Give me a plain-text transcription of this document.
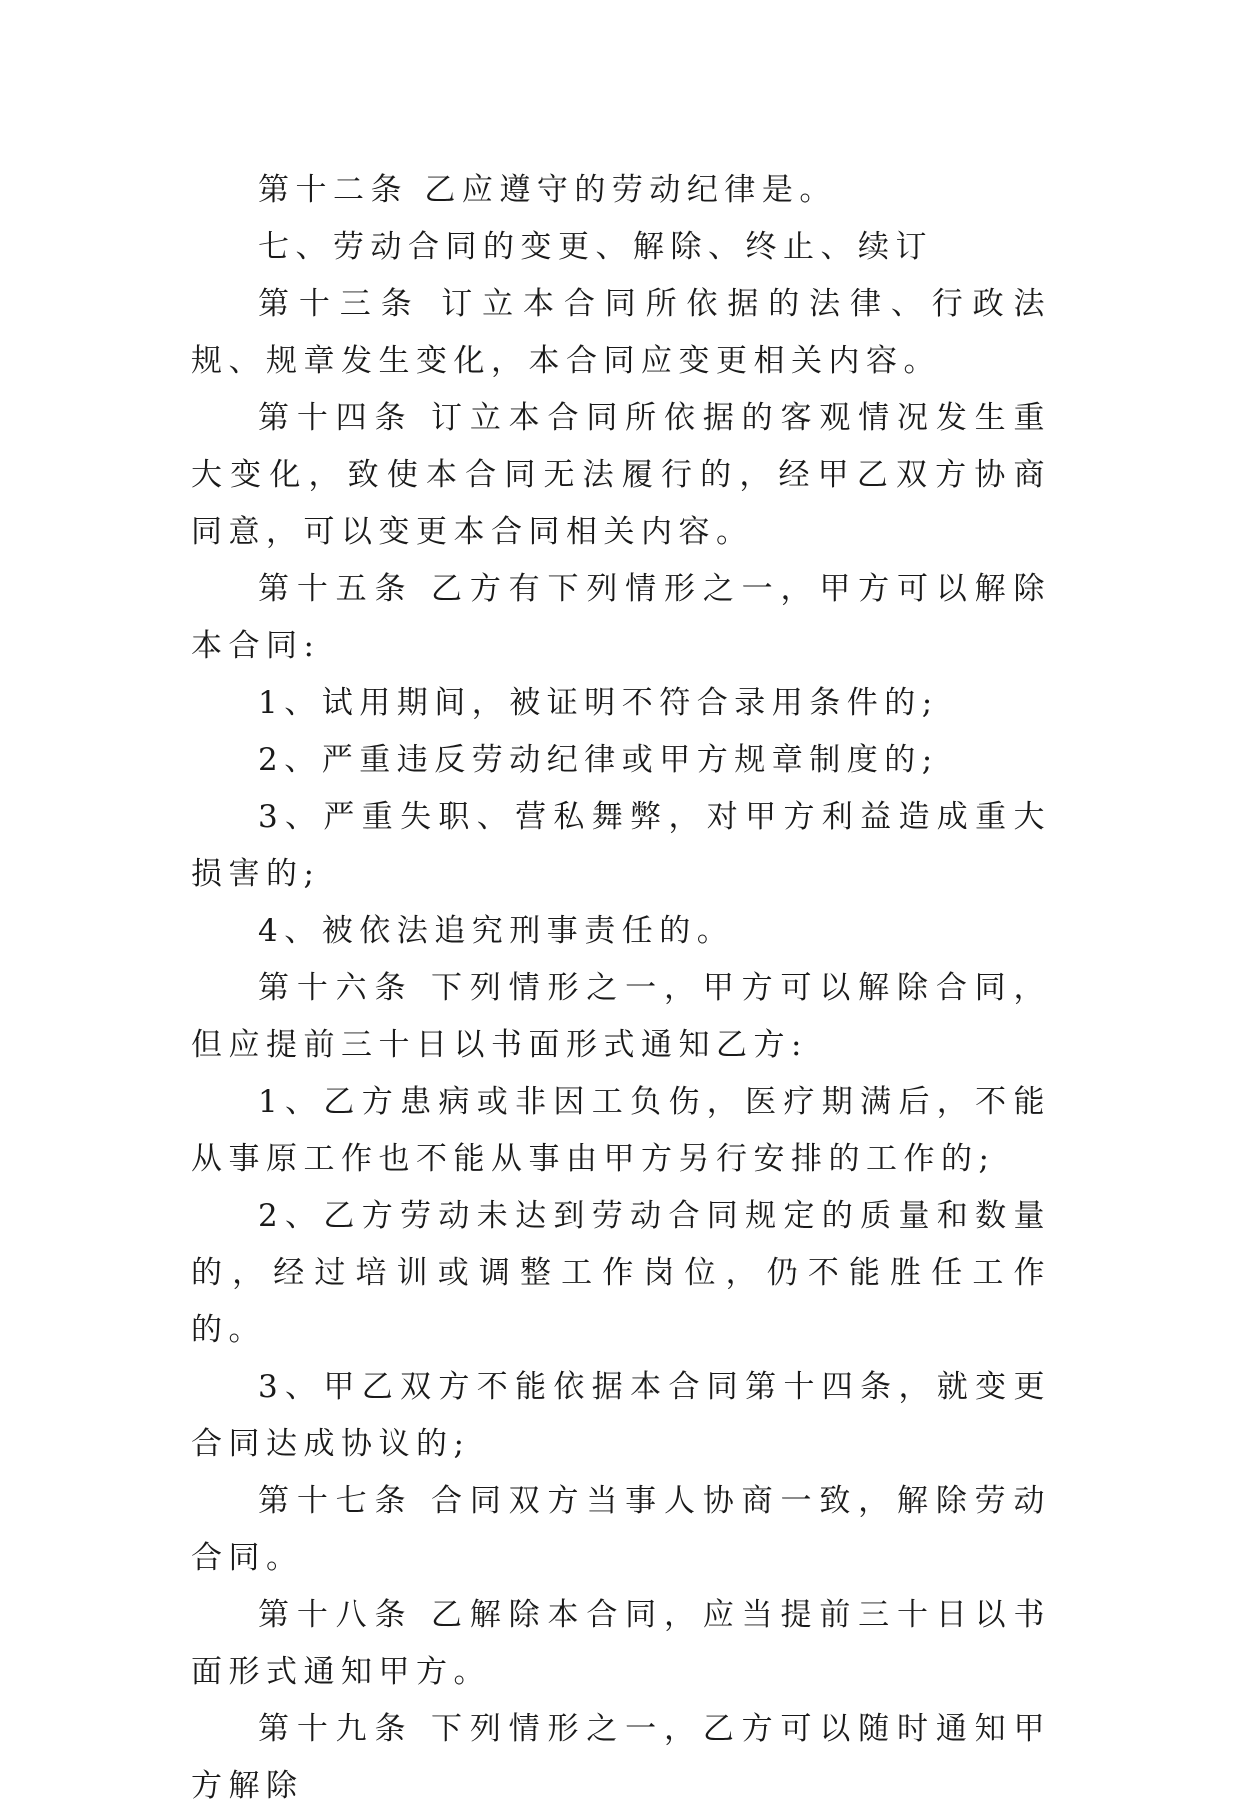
第十二条 乙应遵守的劳动纪律是。

七、劳动合同的变更、解除、终止、续订

第十三条 订立本合同所依据的法律、行政法规、规章发生变化，本合同应变更相关内容。

第十四条 订立本合同所依据的客观情况发生重大变化，致使本合同无法履行的，经甲乙双方协商同意，可以变更本合同相关内容。

第十五条 乙方有下列情形之一，甲方可以解除本合同:

1、试用期间，被证明不符合录用条件的;

2、严重违反劳动纪律或甲方规章制度的;

3、严重失职、营私舞弊，对甲方利益造成重大损害的;

4、被依法追究刑事责任的。

第十六条 下列情形之一，甲方可以解除合同，但应提前三十日以书面形式通知乙方:

1、乙方患病或非因工负伤，医疗期满后，不能从事原工作也不能从事由甲方另行安排的工作的;

2、乙方劳动未达到劳动合同规定的质量和数量的，经过培训或调整工作岗位，仍不能胜任工作的。

3、甲乙双方不能依据本合同第十四条，就变更合同达成协议的;

第十七条 合同双方当事人协商一致，解除劳动合同。

第十八条 乙解除本合同，应当提前三十日以书面形式通知甲方。

第十九条 下列情形之一，乙方可以随时通知甲方解除
